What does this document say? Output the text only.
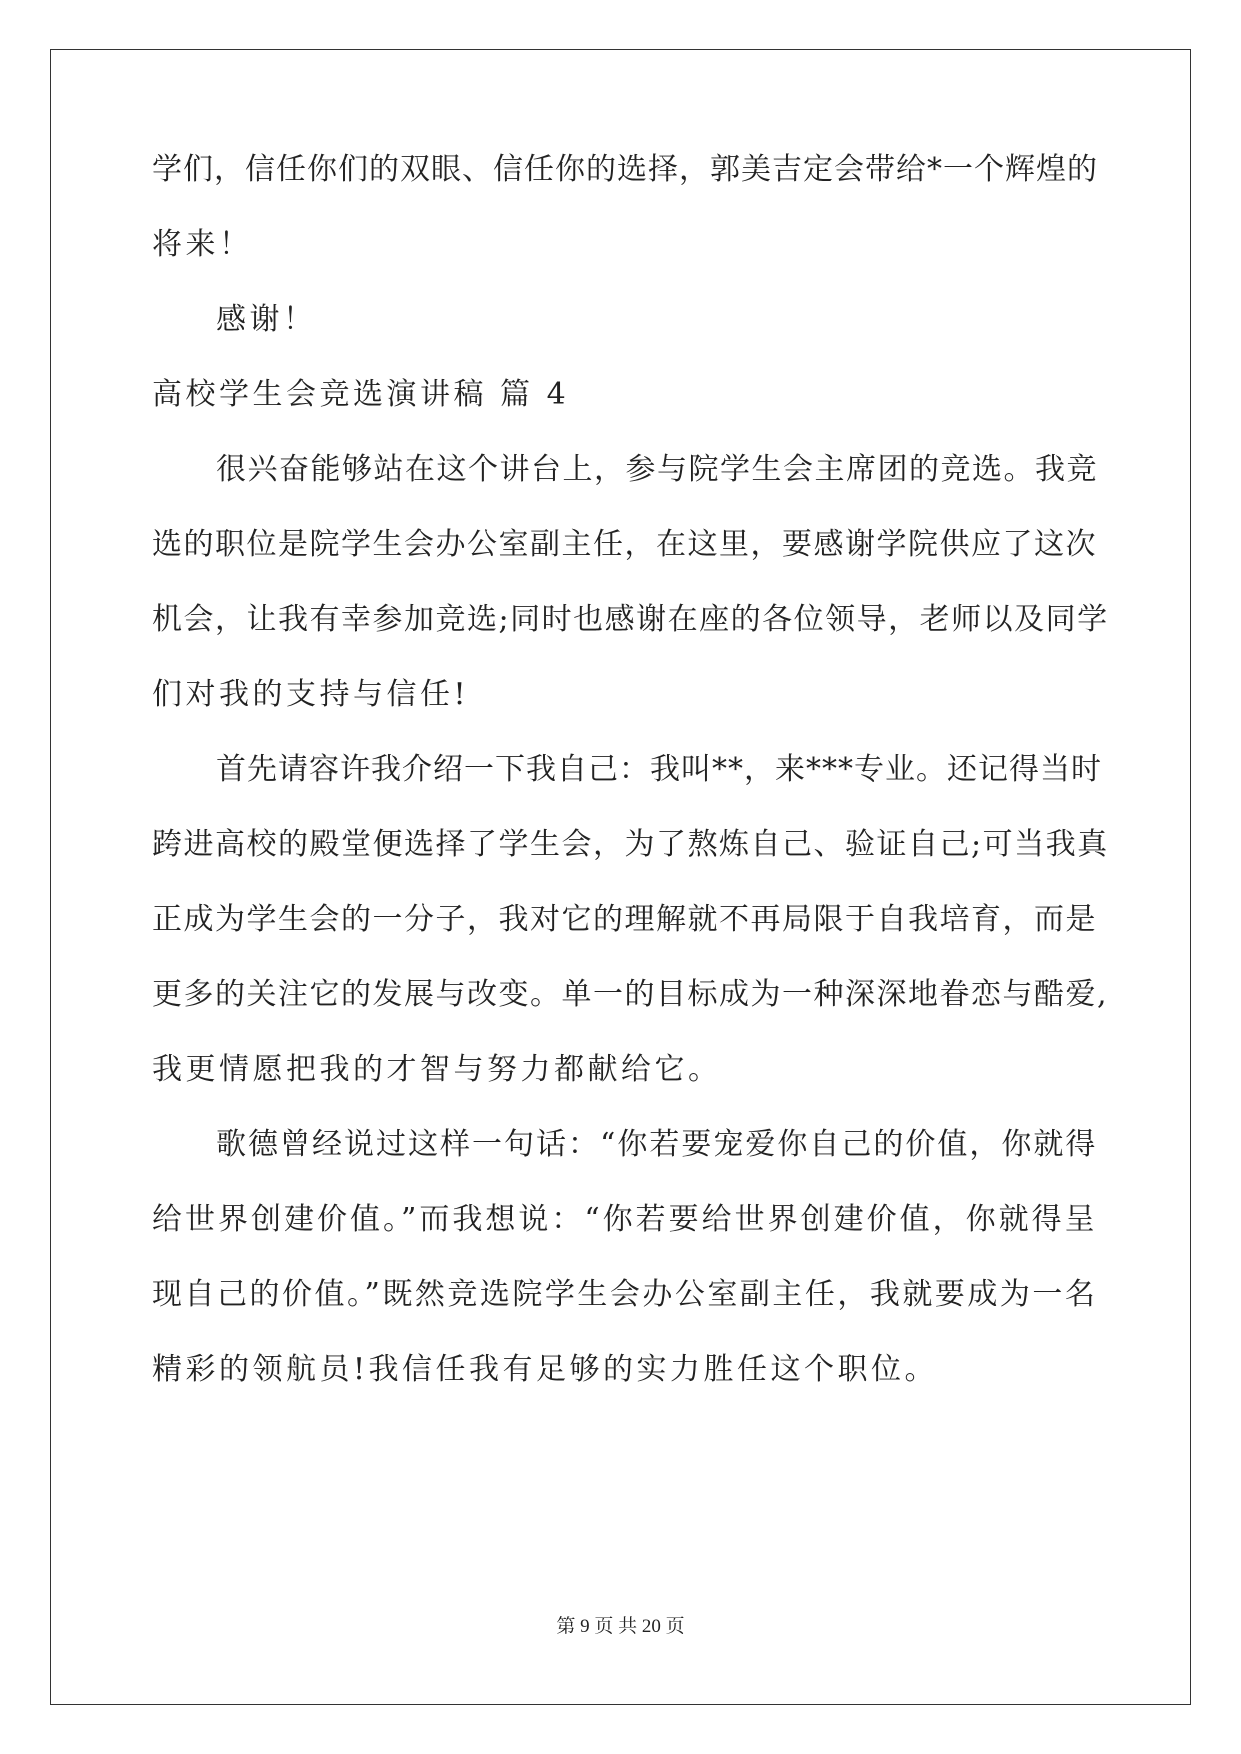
学们，信任你们的双眼、信任你的选择，郭美吉定会带给*一个辉煌的
将来！
感谢！
高校学生会竞选演讲稿 篇 4
很兴奋能够站在这个讲台上，参与院学生会主席团的竞选。我竞
选的职位是院学生会办公室副主任，在这里，要感谢学院供应了这次
机会，让我有幸参加竞选;同时也感谢在座的各位领导，老师以及同学
们对我的支持与信任!
首先请容许我介绍一下我自己：我叫**，来***专业。还记得当时
跨进高校的殿堂便选择了学生会，为了熬炼自己、验证自己;可当我真
正成为学生会的一分子，我对它的理解就不再局限于自我培育，而是
更多的关注它的发展与改变。单一的目标成为一种深深地眷恋与酷爱,
我更情愿把我的才智与努力都献给它。
歌德曾经说过这样一句话：“你若要宠爱你自己的价值，你就得
给世界创建价值。”而我想说：“你若要给世界创建价值，你就得呈
现自己的价值。”既然竞选院学生会办公室副主任，我就要成为一名
精彩的领航员!我信任我有足够的实力胜任这个职位。
第 9 页 共 20 页
